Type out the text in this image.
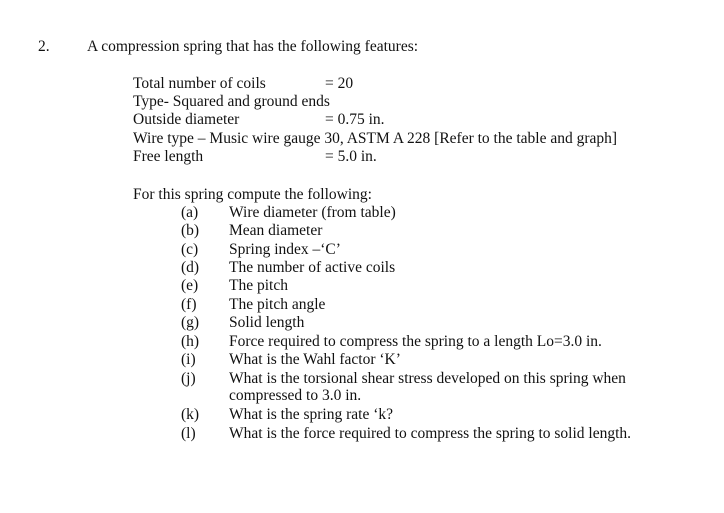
2. A compression spring that has the following features:
Total number of coils	= 20
Type- Squared and ground ends
Outside diameter	= 0.75 in.
Wire type – Music wire gauge 30, ASTM A 228 [Refer to the table and graph]
Free length	= 5.0 in.
For this spring compute the following:
(a) Wire diameter (from table)
(b) Mean diameter
(c) Spring index –‘C’
(d) The number of active coils
(e) The pitch
(f) The pitch angle
(g) Solid length
(h) Force required to compress the spring to a length Lo=3.0 in.
(i) What is the Wahl factor ‘K’
(j) What is the torsional shear stress developed on this spring when
compressed to 3.0 in.
(k) What is the spring rate ‘k?
(l) What is the force required to compress the spring to solid length.
